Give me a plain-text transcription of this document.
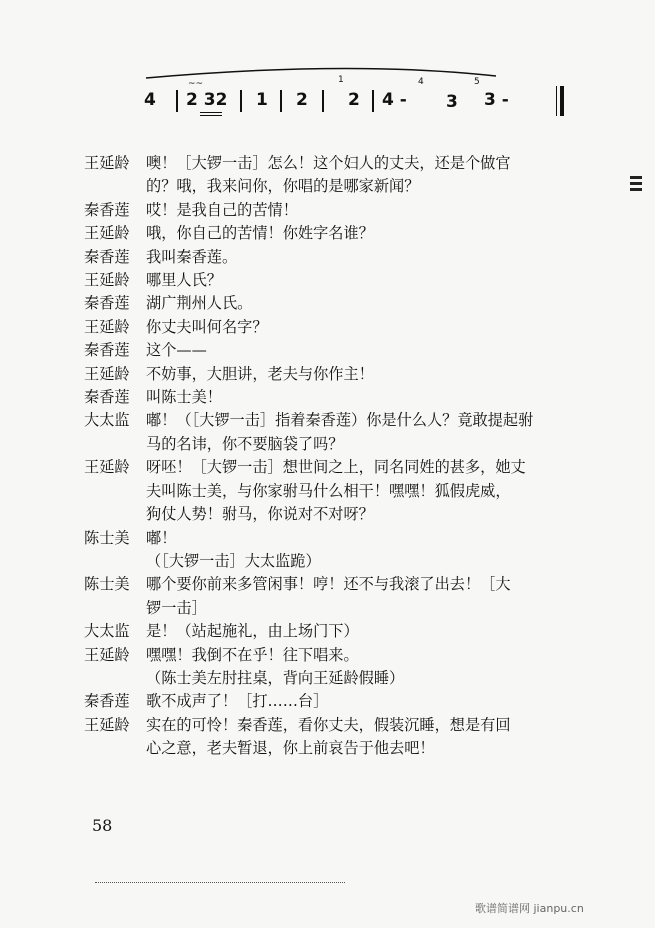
4
~~
2 32 1 2
1
2
4
4 - 3
5
3 -
王延龄	噢！［大锣一击］怎么！这个妇人的丈夫，还是个做官
的？哦，我来问你，你唱的是哪家新闻？
秦香莲	哎！是我自己的苦情！
王延龄	哦，你自己的苦情！你姓字名谁？
秦香莲	我叫秦香莲。
王延龄	哪里人氏？
秦香莲	湖广荆州人氏。
王延龄	你丈夫叫何名字？
秦香莲	这个——
王延龄	不妨事，大胆讲，老夫与你作主！
秦香莲	叫陈士美！
大太监	嘟！（［大锣一击］指着秦香莲）你是什么人？竟敢提起驸
马的名讳，你不要脑袋了吗？
王延龄	呀呸！［大锣一击］想世间之上，同名同姓的甚多，她丈
夫叫陈士美，与你家驸马什么相干！嘿嘿！狐假虎威，
狗仗人势！驸马，你说对不对呀？
陈士美	嘟！
（［大锣一击］大太监跪）
陈士美	哪个要你前来多管闲事！哼！还不与我滚了出去！［大
锣一击］
大太监	是！（站起施礼，由上场门下）
王延龄	嘿嘿！我倒不在乎！往下唱来。
（陈士美左肘拄桌，背向王延龄假睡）
秦香莲	歌不成声了！［打……台］
王延龄	实在的可怜！秦香莲，看你丈夫，假装沉睡，想是有回
心之意，老夫暂退，你上前哀告于他去吧！
58
歌谱简谱网 jianpu.cn
